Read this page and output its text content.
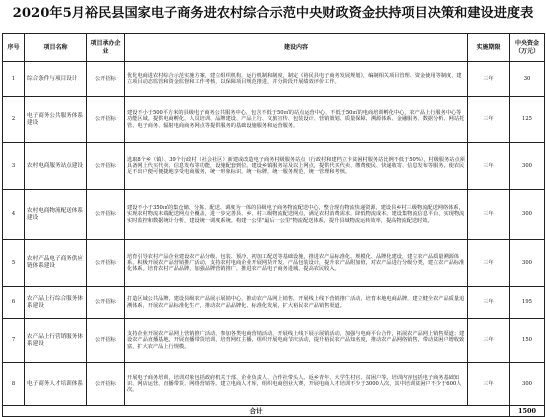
2020年5月裕民县国家电子商务进农村综合示范中央财政资金扶持项目决策和建设进度表
序号	项目名称	项目承办企业	建设内容	实施期限	中央资金（万元）
1	综合条件与项目设计	公开招标	优化电商进农村综合示范实施方案，建立组织机构，运行机制和制度，制定《裕民县电子商务发展规划》，编制相关项目管理、资金使用等制度，建立项目动态监管和资金监督和工作考核，以保障项目规范推进，并分阶段开展绩效评价工作。	三年	30
2	电子商务公共服务体系建设	公开招标	建设不小于500平方米的县级电子商务公共服务中心，包含不低于50㎡的站点运营中心、不低于50㎡的电商培训孵化中心，农产品上行服务中心等功能区域。提供电商孵化、人员培训、品牌建设、产品上行、文旅宣传、包装设计、营销策划、质量保障、溯源体系、金融服务、数据分析、网站托管、电子商务、辐射电商商务网点等提供服务的基础设施服务和运营服务。	三年	125
3	农村电商服务站点建设	公开招标	选取8个乡（镇）、39个行政村（社会社区）新建或改造电子商务村级服务站点（行政村和建档立卡贫困村服务站比例不低于50%），村级服务站点须具备网上代买代卖、信息发布等功能，设施配套到位。建设乡镇服务站及以上网点，提供代买代卖、缴费便民、快递收寄、信息发布等服务，使农民足不出户便可便捷地享受电商服务，统一形象标识，统一标牌，统一服务规范，统一管理和考核。	三年	300
4	农村电商物流配送体系建设	公开招标	建设不小于350㎡的集仓储、分拣、配送、调度为一体的县级电子商务物流配送中心，整合现有物流快递资源，建设县乡村三级物流配送网络体系，实现农村物流末端配送网点全覆盖，进一步完善县、乡、村三级物流配送网点，满足农村消费需求，降低物流成本。建设集物流信息平台，实现物流实时监控和数据统计分析，建设统一调度系统。构建一公里"最后一公里"物流配送体系，提升县域物流运转效率，提高物流配送时效。	三年	300
5	农村产品电子商务供应链体系建设	公开招标	培育引导农村产品企业建设农产品分级、包装、预冷、初加工配送等基础设施，推进农产品标准化、规模化、品牌化建设，建立农产品质量溯源体系，积极开展农产品营销推广活动，支持农村电商企业开展网货开发、产品包装设计，提升农产品附加值，对农产品进行分级分类，建立农产品标准化体系。培育农村产品品牌，加强品牌营销推广，推进农产品电子商务进城，提高农民收入。	三年	300
6	农产品上行综合服务体系建设	公开招标	打造区域公共品牌，建设县级农产品展示展销中心，推动农产品网上销售，开展线上线下营销推广活动，培育本地电商品牌，建立健全农产品质量追溯体系，开展农产品标准化生产，推动农产品品牌化、标准化发展，扩大裕民农产品销售渠道。	三年	195
7	农产品上行营销服务体系建设	公开招标	支持企业开展农产品网上营销推广活动，参加各类电商营销活动，开展线上线下展示展销活动，加强与电商平台合作，拓展农产品网上销售渠道；建设农产品直播基地，开展直播带货培训，培育网红主播，组织开展电商节庆活动，提升裕民农产品知名度，推动农产品网络销售，带动贫困户增收致富，扩大农产品上行规模。	三年	150
8	电子商务人才培训体系	公开招标	开展电子商务培训，培训对象包括政府机关干部、企业负责人、合作社带头人、返乡青年、大学生村官、贫困户等。培训内容包括电子商务基础知识、网店运营、直播带货、网络营销等。建立电商人才库，组织电商创业大赛，开展电商人才培训不少于3000人次，其中培训贫困户不少于600人次。	三年	300
合计					1500
